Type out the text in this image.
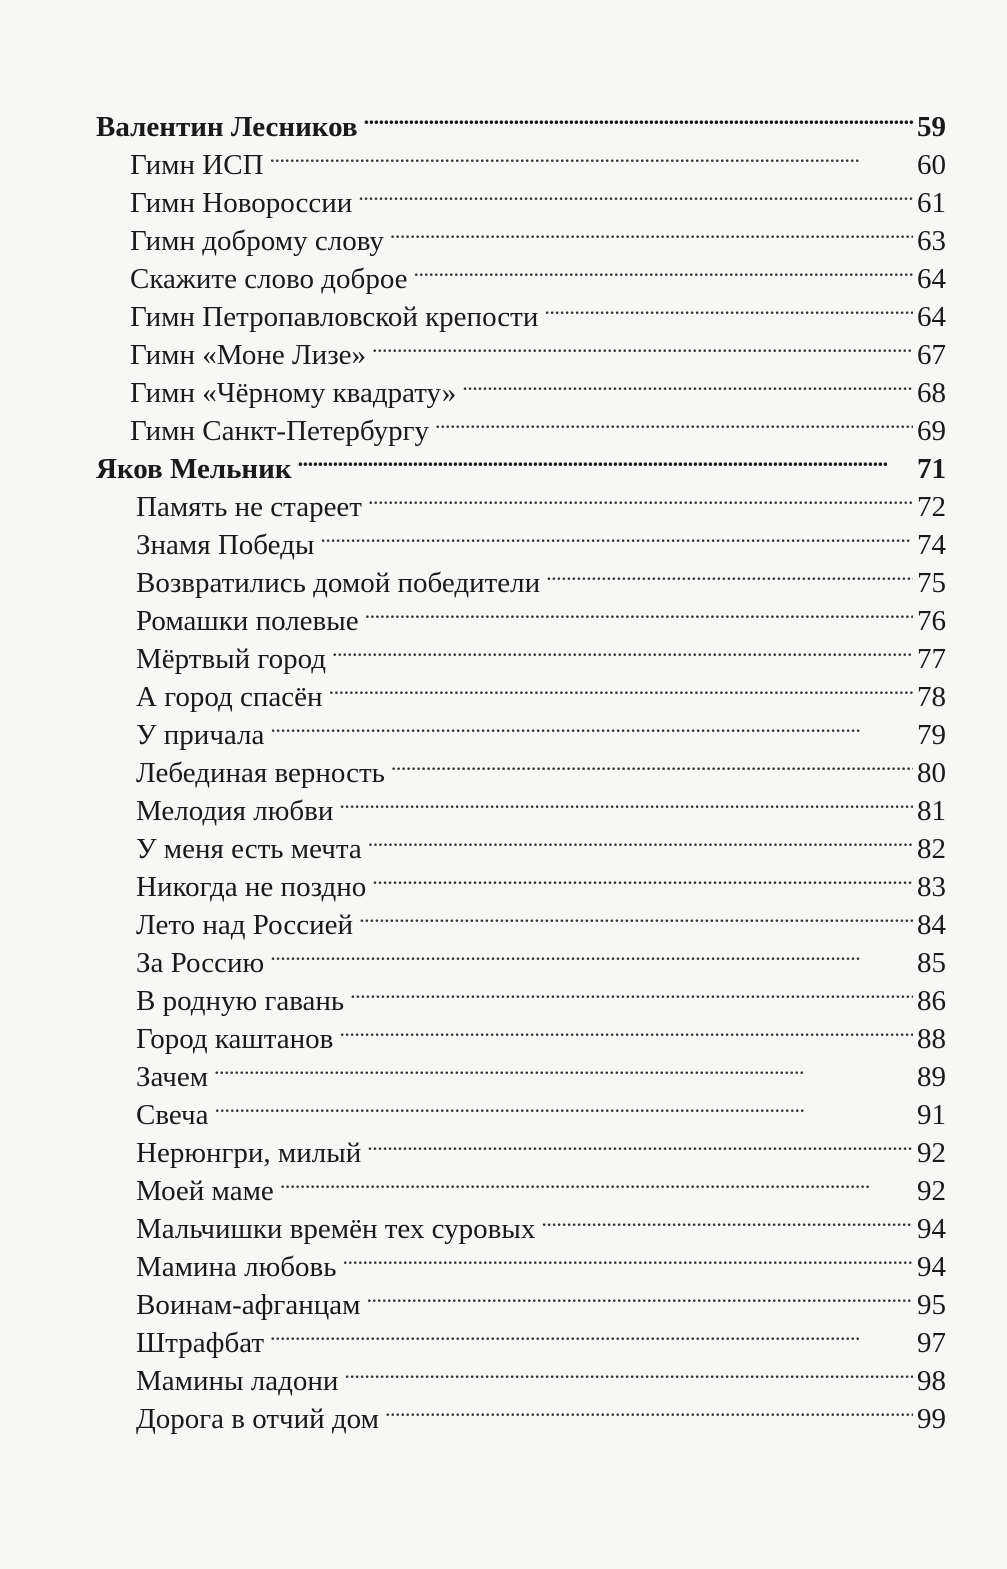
Валентин Лесников . . .	59
Гимн ИСП . . .	60
Гимн Новороссии . . .	61
Гимн доброму слову . . .	63
Скажите слово доброе . . .	64
Гимн Петропавловской крепости . . .	64
Гимн «Моне Лизе» . . .	67
Гимн «Чёрному квадрату» . . .	68
Гимн Санкт-Петербургу . . .	69
Яков Мельник . . .	71
Память не стареет . . .	72
Знамя Победы . . .	74
Возвратились домой победители . . .	75
Ромашки полевые . . .	76
Мёртвый город . . .	77
А город спасён . . .	78
У причала . . .	79
Лебединая верность . . .	80
Мелодия любви . . .	81
У меня есть мечта . . .	82
Никогда не поздно . . .	83
Лето над Россией . . .	84
За Россию . . .	85
В родную гавань . . .	86
Город каштанов . . .	88
Зачем . . .	89
Свеча . . .	91
Нерюнгри, милый . . .	92
Моей маме . . .	92
Мальчишки времён тех суровых . . .	94
Мамина любовь . . .	94
Воинам-афганцам . . .	95
Штрафбат . . .	97
Мамины ладони . . .	98
Дорога в отчий дом . . .	99
